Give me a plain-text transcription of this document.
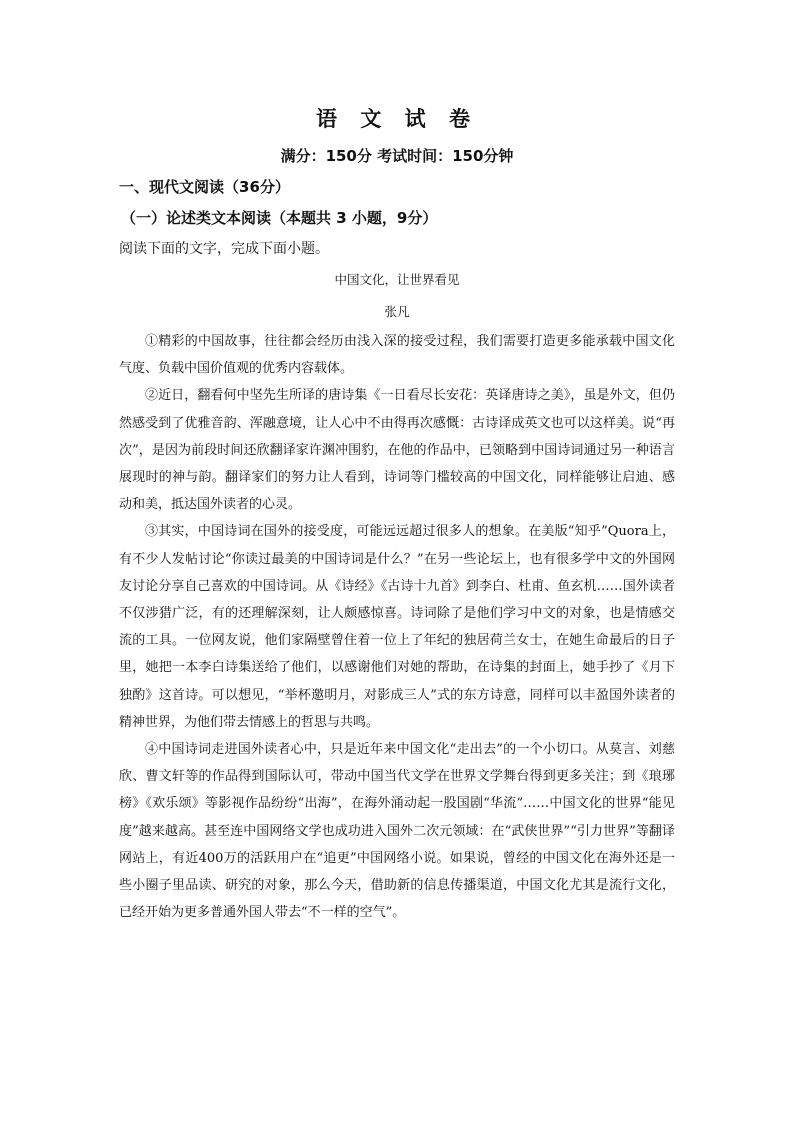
语 文 试 卷
满分：150分 考试时间：150分钟
一、现代文阅读（36分）
（一）论述类文本阅读（本题共 3 小题，9分）
阅读下面的文字，完成下面小题。
中国文化，让世界看见
张凡

①精彩的中国故事，往往都会经历由浅入深的接受过程，我们需要打造更多能承载中国文化气度、负载中国价值观的优秀内容载体。

②近日，翻看何中坚先生所译的唐诗集《一日看尽长安花：英译唐诗之美》，虽是外文，但仍然感受到了优雅音韵、浑融意境，让人心中不由得再次感慨：古诗译成英文也可以这样美。说“再次”，是因为前段时间还欣翻译家许渊冲围豹，在他的作品中，已领略到中国诗词通过另一种语言展现时的神与韵。翻译家们的努力让人看到，诗词等门槛较高的中国文化，同样能够让启迪、感动和美，抵达国外读者的心灵。

③其实，中国诗词在国外的接受度，可能远远超过很多人的想象。在美版“知乎”Quora上，有不少人发帖讨论“你读过最美的中国诗词是什么？”在另一些论坛上，也有很多学中文的外国网友讨论分享自己喜欢的中国诗词。从《诗经》《古诗十九首》到李白、杜甫、鱼玄机……国外读者不仅涉猎广泛，有的还理解深刻，让人颇感惊喜。诗词除了是他们学习中文的对象，也是情感交流的工具。一位网友说，他们家隔壁曾住着一位上了年纪的独居荷兰女士，在她生命最后的日子里，她把一本李白诗集送给了他们，以感谢他们对她的帮助，在诗集的封面上，她手抄了《月下独酌》这首诗。可以想见，“举杯邀明月，对影成三人”式的东方诗意，同样可以丰盈国外读者的精神世界，为他们带去情感上的哲思与共鸣。

④中国诗词走进国外读者心中，只是近年来中国文化“走出去”的一个小切口。从莫言、刘慈欣、曹文轩等的作品得到国际认可，带动中国当代文学在世界文学舞台得到更多关注；到《琅琊榜》《欢乐颂》等影视作品纷纷“出海”，在海外涌动起一股国剧“华流”……中国文化的世界“能见度”越来越高。甚至连中国网络文学也成功进入国外二次元领域：在“武侠世界”“引力世界”等翻译网站上，有近400万的活跃用户在“追更”中国网络小说。如果说，曾经的中国文化在海外还是一些小圈子里品读、研究的对象，那么今天，借助新的信息传播渠道，中国文化尤其是流行文化，已经开始为更多普通外国人带去“不一样的空气”。
